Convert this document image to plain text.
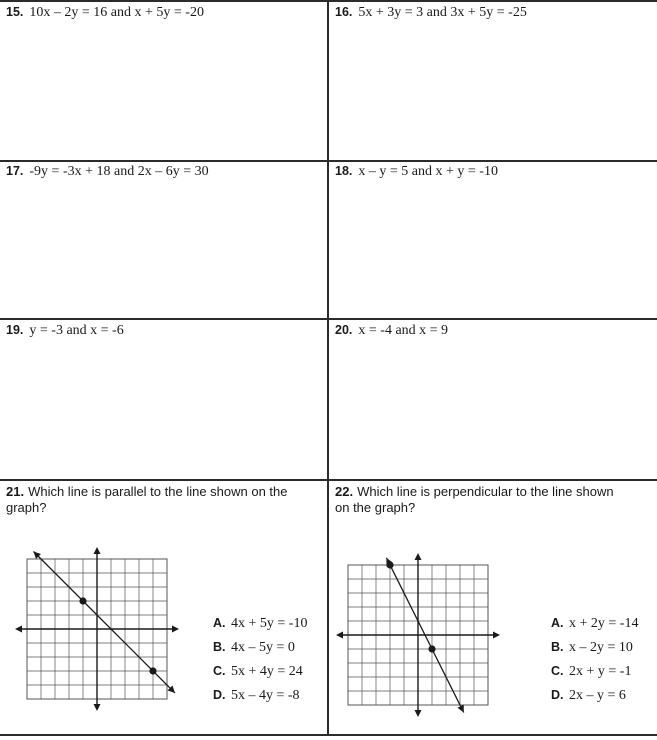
15. 10x – 2y = 16 and x + 5y = -20	16. 5x + 3y = 3 and 3x + 5y = -25
17. -9y = -3x + 18 and 2x – 6y = 30	18. x – y = 5 and x + y = -10
19. y = -3 and x = -6	20. x = -4 and x = 9
21. Which line is parallel to the line shown on the graph?
A. 4x + 5y = -10
B. 4x – 5y = 0
C. 5x + 4y = 24
D. 5x – 4y = -8
22. Which line is perpendicular to the line shown on the graph?
A. x + 2y = -14
B. x – 2y = 10
C. 2x + y = -1
D. 2x – y = 6
